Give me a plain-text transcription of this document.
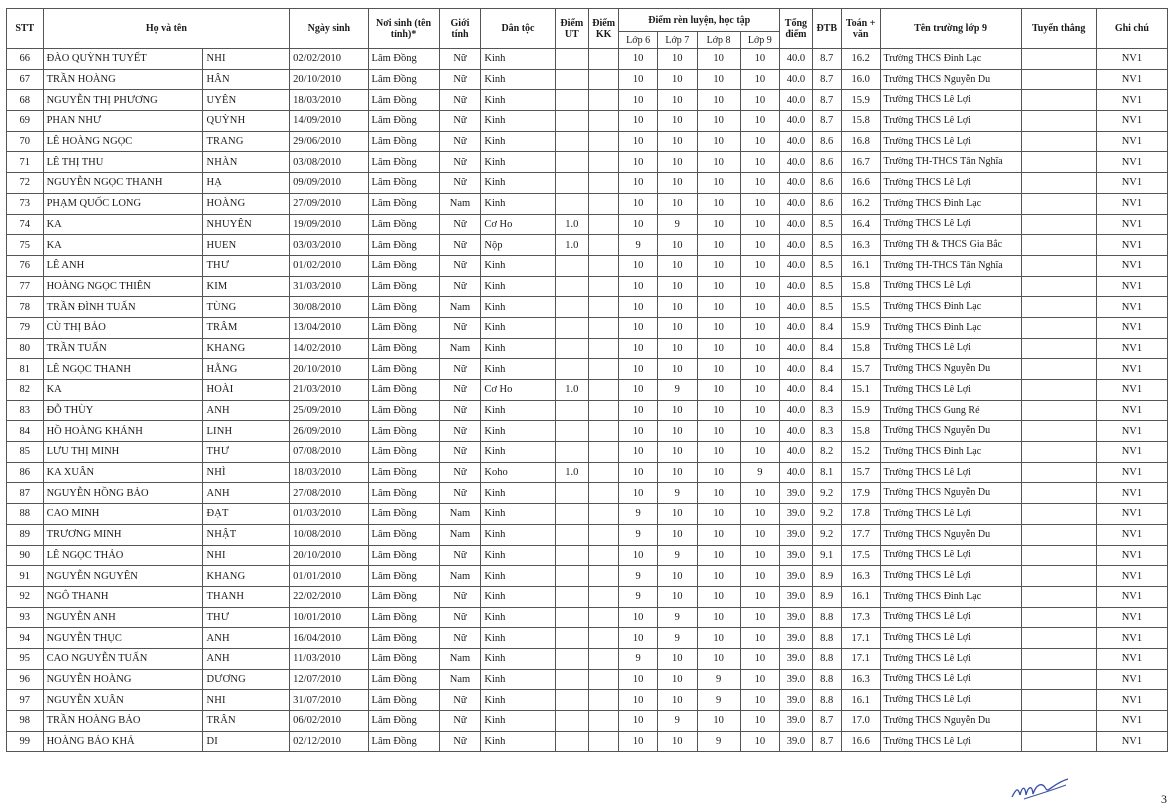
STT	Họ và tên		Ngày sinh	Nơi sinh (tên tỉnh)*	Giới tính	Dân tộc	Điểm UT	Điểm KK	Điểm rèn luyện, học tập				Tổng điểm	ĐTB	Toán + văn	Tên trường lớp 9	Tuyển thẳng	Ghi chú
									Lớp 6	Lớp 7	Lớp 8	Lớp 9						
66	ĐÀO QUỲNH TUYẾT	NHI	02/02/2010	Lâm Đồng	Nữ	Kinh			10	10	10	10	40.0	8.7	16.2	Trường THCS Đinh Lạc		NV1
67	TRẦN HOÀNG	HÂN	20/10/2010	Lâm Đồng	Nữ	Kinh			10	10	10	10	40.0	8.7	16.0	Trường THCS Nguyễn Du		NV1
68	NGUYỄN THỊ PHƯƠNG	UYÊN	18/03/2010	Lâm Đồng	Nữ	Kinh			10	10	10	10	40.0	8.7	15.9	Trường THCS Lê Lợi		NV1
69	PHAN NHƯ	QUỲNH	14/09/2010	Lâm Đồng	Nữ	Kinh			10	10	10	10	40.0	8.7	15.8	Trường THCS Lê Lợi		NV1
70	LÊ HOÀNG NGỌC	TRANG	29/06/2010	Lâm Đồng	Nữ	Kinh			10	10	10	10	40.0	8.6	16.8	Trường THCS Lê Lợi		NV1
71	LÊ THỊ THU	NHÀN	03/08/2010	Lâm Đồng	Nữ	Kinh			10	10	10	10	40.0	8.6	16.7	Trường TH-THCS Tân Nghĩa		NV1
72	NGUYỄN NGỌC THANH	HẠ	09/09/2010	Lâm Đồng	Nữ	Kinh			10	10	10	10	40.0	8.6	16.6	Trường THCS Lê Lợi		NV1
73	PHẠM QUỐC LONG	HOÀNG	27/09/2010	Lâm Đồng	Nam	Kinh			10	10	10	10	40.0	8.6	16.2	Trường THCS Đinh Lạc		NV1
74	KA	NHUYÊN	19/09/2010	Lâm Đồng	Nữ	Cơ Ho	1.0		10	9	10	10	40.0	8.5	16.4	Trường THCS Lê Lợi		NV1
75	KA	HUEN	03/03/2010	Lâm Đồng	Nữ	Nộp	1.0		9	10	10	10	40.0	8.5	16.3	Trường TH & THCS Gia Bắc		NV1
76	LÊ ANH	THƯ	01/02/2010	Lâm Đồng	Nữ	Kinh			10	10	10	10	40.0	8.5	16.1	Trường TH-THCS Tân Nghĩa		NV1
77	HOÀNG NGỌC THIÊN	KIM	31/03/2010	Lâm Đồng	Nữ	Kinh			10	10	10	10	40.0	8.5	15.8	Trường THCS Lê Lợi		NV1
78	TRẦN ĐÌNH TUẤN	TÙNG	30/08/2010	Lâm Đồng	Nam	Kinh			10	10	10	10	40.0	8.5	15.5	Trường THCS Đinh Lạc		NV1
79	CÙ THỊ BẢO	TRÂM	13/04/2010	Lâm Đồng	Nữ	Kinh			10	10	10	10	40.0	8.4	15.9	Trường THCS Đinh Lạc		NV1
80	TRẦN TUẤN	KHANG	14/02/2010	Lâm Đồng	Nam	Kinh			10	10	10	10	40.0	8.4	15.8	Trường THCS Lê Lợi		NV1
81	LÊ NGỌC THANH	HẰNG	20/10/2010	Lâm Đồng	Nữ	Kinh			10	10	10	10	40.0	8.4	15.7	Trường THCS Nguyễn Du		NV1
82	KA	HOÀI	21/03/2010	Lâm Đồng	Nữ	Cơ Ho	1.0		10	9	10	10	40.0	8.4	15.1	Trường THCS Lê Lợi		NV1
83	ĐỖ THÙY	ANH	25/09/2010	Lâm Đồng	Nữ	Kinh			10	10	10	10	40.0	8.3	15.9	Trường THCS Gung Ré		NV1
84	HỒ HOÀNG KHÁNH	LINH	26/09/2010	Lâm Đồng	Nữ	Kinh			10	10	10	10	40.0	8.3	15.8	Trường THCS Nguyễn Du		NV1
85	LƯU THỊ MINH	THƯ	07/08/2010	Lâm Đồng	Nữ	Kinh			10	10	10	10	40.0	8.2	15.2	Trường THCS Đinh Lạc		NV1
86	KA XUÂN	NHÌ	18/03/2010	Lâm Đồng	Nữ	Koho	1.0		10	10	10	9	40.0	8.1	15.7	Trường THCS Lê Lợi		NV1
87	NGUYỄN HỒNG BẢO	ANH	27/08/2010	Lâm Đồng	Nữ	Kinh			10	9	10	10	39.0	9.2	17.9	Trường THCS Nguyễn Du		NV1
88	CAO MINH	ĐẠT	01/03/2010	Lâm Đồng	Nam	Kinh			9	10	10	10	39.0	9.2	17.8	Trường THCS Lê Lợi		NV1
89	TRƯƠNG MINH	NHẬT	10/08/2010	Lâm Đồng	Nam	Kinh			9	10	10	10	39.0	9.2	17.7	Trường THCS Nguyễn Du		NV1
90	LÊ NGỌC THẢO	NHI	20/10/2010	Lâm Đồng	Nữ	Kinh			10	9	10	10	39.0	9.1	17.5	Trường THCS Lê Lợi		NV1
91	NGUYỄN NGUYÊN	KHANG	01/01/2010	Lâm Đồng	Nam	Kinh			9	10	10	10	39.0	8.9	16.3	Trường THCS Lê Lợi		NV1
92	NGÔ THANH	THANH	22/02/2010	Lâm Đồng	Nữ	Kinh			9	10	10	10	39.0	8.9	16.1	Trường THCS Đinh Lạc		NV1
93	NGUYỄN ANH	THƯ	10/01/2010	Lâm Đồng	Nữ	Kinh			10	9	10	10	39.0	8.8	17.3	Trường THCS Lê Lợi		NV1
94	NGUYỄN THỤC	ANH	16/04/2010	Lâm Đồng	Nữ	Kinh			10	9	10	10	39.0	8.8	17.1	Trường THCS Lê Lợi		NV1
95	CAO NGUYỄN TUẤN	ANH	11/03/2010	Lâm Đồng	Nam	Kinh			9	10	10	10	39.0	8.8	17.1	Trường THCS Lê Lợi		NV1
96	NGUYỄN HOÀNG	DƯƠNG	12/07/2010	Lâm Đồng	Nam	Kinh			10	10	9	10	39.0	8.8	16.3	Trường THCS Lê Lợi		NV1
97	NGUYỄN XUÂN	NHI	31/07/2010	Lâm Đồng	Nữ	Kinh			10	10	9	10	39.0	8.8	16.1	Trường THCS Lê Lợi		NV1
98	TRẦN HOÀNG BẢO	TRÂN	06/02/2010	Lâm Đồng	Nữ	Kinh			10	9	10	10	39.0	8.7	17.0	Trường THCS Nguyễn Du		NV1
99	HOÀNG BẢO KHẢ	DI	02/12/2010	Lâm Đồng	Nữ	Kinh			10	10	9	10	39.0	8.7	16.6	Trường THCS Lê Lợi		NV1
3
